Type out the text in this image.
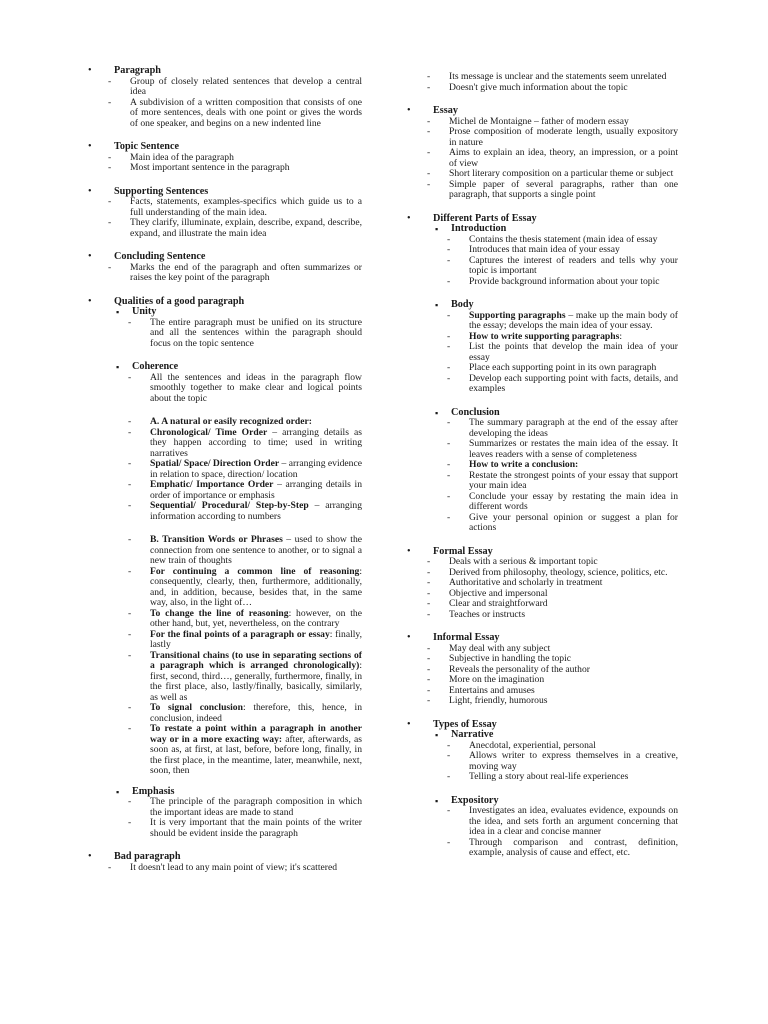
• Paragraph
- Group of closely related sentences that develop a central idea
- A subdivision of a written composition that consists of one of more sentences, deals with one point or gives the words of one speaker, and begins on a new indented line
• Topic Sentence
- Main idea of the paragraph
- Most important sentence in the paragraph
• Supporting Sentences
- Facts, statements, examples-specifics which guide us to a full understanding of the main idea.
- They clarify, illuminate, explain, describe, expand, describe, expand, and illustrate the main idea
• Concluding Sentence
- Marks the end of the paragraph and often summarizes or raises the key point of the paragraph
• Qualities of a good paragraph
▪ Unity
- The entire paragraph must be unified on its structure and all the sentences within the paragraph should focus on the topic sentence
▪ Coherence
- All the sentences and ideas in the paragraph flow smoothly together to make clear and logical points about the topic
- A. A natural or easily recognized order:
- Chronological/ Time Order – arranging details as they happen according to time; used in writing narratives
- Spatial/ Space/ Direction Order – arranging evidence in relation to space, direction/ location
- Emphatic/ Importance Order – arranging details in order of importance or emphasis
- Sequential/ Procedural/ Step-by-Step – arranging information according to numbers
- B. Transition Words or Phrases – used to show the connection from one sentence to another, or to signal a new train of thoughts
- For continuing a common line of reasoning: consequently, clearly, then, furthermore, additionally, and, in addition, because, besides that, in the same way, also, in the light of…
- To change the line of reasoning: however, on the other hand, but, yet, nevertheless, on the contrary
- For the final points of a paragraph or essay: finally, lastly
- Transitional chains (to use in separating sections of a paragraph which is arranged chronologically): first, second, third…, generally, furthermore, finally, in the first place, also, lastly/finally, basically, similarly, as well as
- To signal conclusion: therefore, this, hence, in conclusion, indeed
- To restate a point within a paragraph in another way or in a more exacting way: after, afterwards, as soon as, at first, at last, before, before long, finally, in the first place, in the meantime, later, meanwhile, next, soon, then
▪ Emphasis
- The principle of the paragraph composition in which the important ideas are made to stand
- It is very important that the main points of the writer should be evident inside the paragraph
• Bad paragraph
- It doesn't lead to any main point of view; it's scattered
- Its message is unclear and the statements seem unrelated
- Doesn't give much information about the topic
• Essay
- Michel de Montaigne – father of modern essay
- Prose composition of moderate length, usually expository in nature
- Aims to explain an idea, theory, an impression, or a point of view
- Short literary composition on a particular theme or subject
- Simple paper of several paragraphs, rather than one paragraph, that supports a single point
• Different Parts of Essay
▪ Introduction
- Contains the thesis statement (main idea of essay
- Introduces that main idea of your essay
- Captures the interest of readers and tells why your topic is important
- Provide background information about your topic
▪ Body
- Supporting paragraphs – make up the main body of the essay; develops the main idea of your essay.
- How to write supporting paragraphs:
- List the points that develop the main idea of your essay
- Place each supporting point in its own paragraph
- Develop each supporting point with facts, details, and examples
▪ Conclusion
- The summary paragraph at the end of the essay after developing the ideas
- Summarizes or restates the main idea of the essay. It leaves readers with a sense of completeness
- How to write a conclusion:
- Restate the strongest points of your essay that support your main idea
- Conclude your essay by restating the main idea in different words
- Give your personal opinion or suggest a plan for actions
• Formal Essay
- Deals with a serious & important topic
- Derived from philosophy, theology, science, politics, etc.
- Authoritative and scholarly in treatment
- Objective and impersonal
- Clear and straightforward
- Teaches or instructs
• Informal Essay
- May deal with any subject
- Subjective in handling the topic
- Reveals the personality of the author
- More on the imagination
- Entertains and amuses
- Light, friendly, humorous
• Types of Essay
▪ Narrative
- Anecdotal, experiential, personal
- Allows writer to express themselves in a creative, moving way
- Telling a story about real-life experiences
▪ Expository
- Investigates an idea, evaluates evidence, expounds on the idea, and sets forth an argument concerning that idea in a clear and concise manner
- Through comparison and contrast, definition, example, analysis of cause and effect, etc.
